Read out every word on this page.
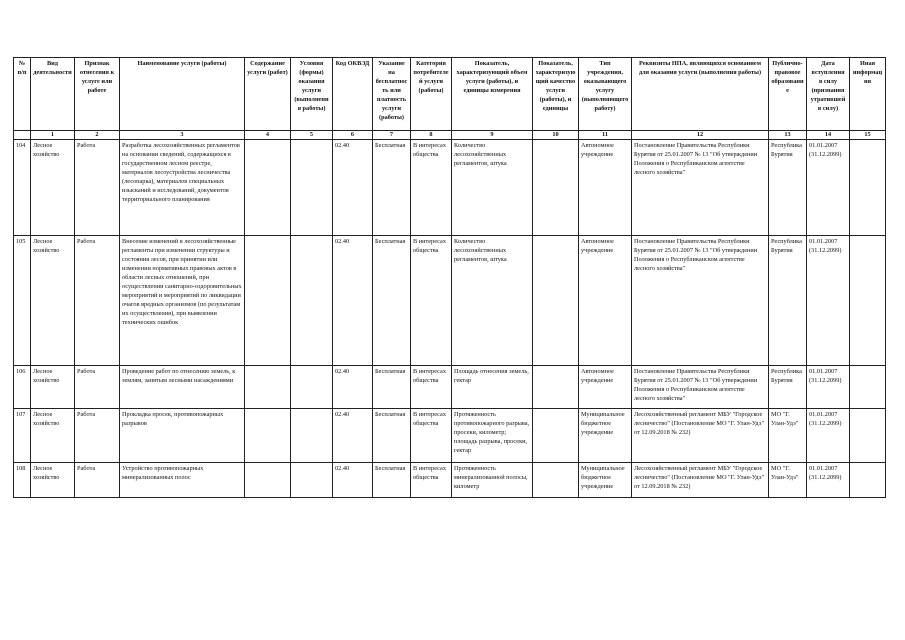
№ п/п	Вид деятельности	Признак отнесения к услуге или работе	Наименование услуги (работы)	Содержание услуги (работ)	Условия (формы) оказания услуги (выполнения работы)	Код ОКВЭД	Указание на бесплатность или платность услуги (работы)	Категория потребителей услуги (работы)	Показатель, характеризующий объем услуги (работы), и единицы измерения	Показатель, характеризующий качество услуги (работы), и единицы	Тип учреждения, оказывающего услугу (выполняющего работу)	Реквизиты НПА, являющихся основанием для оказания услуги (выполнения работы)	Публично-правовое образование	Дата вступления в силу (признания утратившей в силу)	Иная информация
	1	2	3	4	5	6	7	8	9	10	11	12	13	14	15
104	Лесное хозяйство	Работа	Разработка лесохозяйственных регламентов на основании сведений, содержащихся в государственном лесном реестре, материалов лесоустройства лесничества (лесопарка), материалов специальных изысканий и исследований, документов территориального планирования			02.40	Бесплатная	В интересах общества	Количество лесохозяйственных регламентов, штука		Автономное учреждение	Постановление Правительства Республики Бурятия от 25.01.2007 № 13 "Об утверждении Положения о Республиканском агентстве лесного хозяйства"	Республика Бурятия	01.01.2007 (31.12.2099)	
105	Лесное хозяйство	Работа	Внесение изменений в лесохозяйственные регламенты при изменении структуры и состояния лесов, при принятии или изменении нормативных правовых актов в области лесных отношений, при осуществлении санитарно-оздоровительных мероприятий и мероприятий по ликвидации очагов вредных организмов (по результатам их осуществления), при выявлении технических ошибок			02.40	Бесплатная	В интересах общества	Количество лесохозяйственных регламентов, штука		Автономное учреждение	Постановление Правительства Республики Бурятия от 25.01.2007 № 13 "Об утверждении Положения о Республиканском агентстве лесного хозяйства"	Республика Бурятия	01.01.2007 (31.12.2099)	
106	Лесное хозяйство	Работа	Проведение работ по отнесению земель, к землям, занятым лесными насаждениями			02.40	Бесплатная	В интересах общества	Площадь отнесения земель, гектар		Автономное учреждение	Постановление Правительства Республики Бурятия от 25.01.2007 № 13 "Об утверждении Положения о Республиканском агентстве лесного хозяйства"	Республика Бурятия	01.01.2007 (31.12.2099)	
107	Лесное хозяйство	Работа	Прокладка просек, противопожарных разрывов			02.40	Бесплатная	В интересах общества	Протяженность противопожарного разрыва, просеки, километр; площадь разрыва, просеки, гектар		Муниципальное бюджетное учреждение	Лесохозяйственный регламент МБУ "Городское лесничество" (Постановление МО "Г. Улан-Удэ" от 12.09.2018 № 232)	МО "Г. Улан-Удэ"	01.01.2007 (31.12.2099)	
108	Лесное хозяйство	Работа	Устройство противопожарных минерализованных полос			02.40	Бесплатная	В интересах общества	Протяженность минерализованной полосы, километр		Муниципальное бюджетное учреждение	Лесохозяйственный регламент МБУ "Городское лесничество" (Постановление МО "Г. Улан-Удэ" от 12.09.2018 № 232)	МО "Г. Улан-Удэ"	01.01.2007 (31.12.2099)	
